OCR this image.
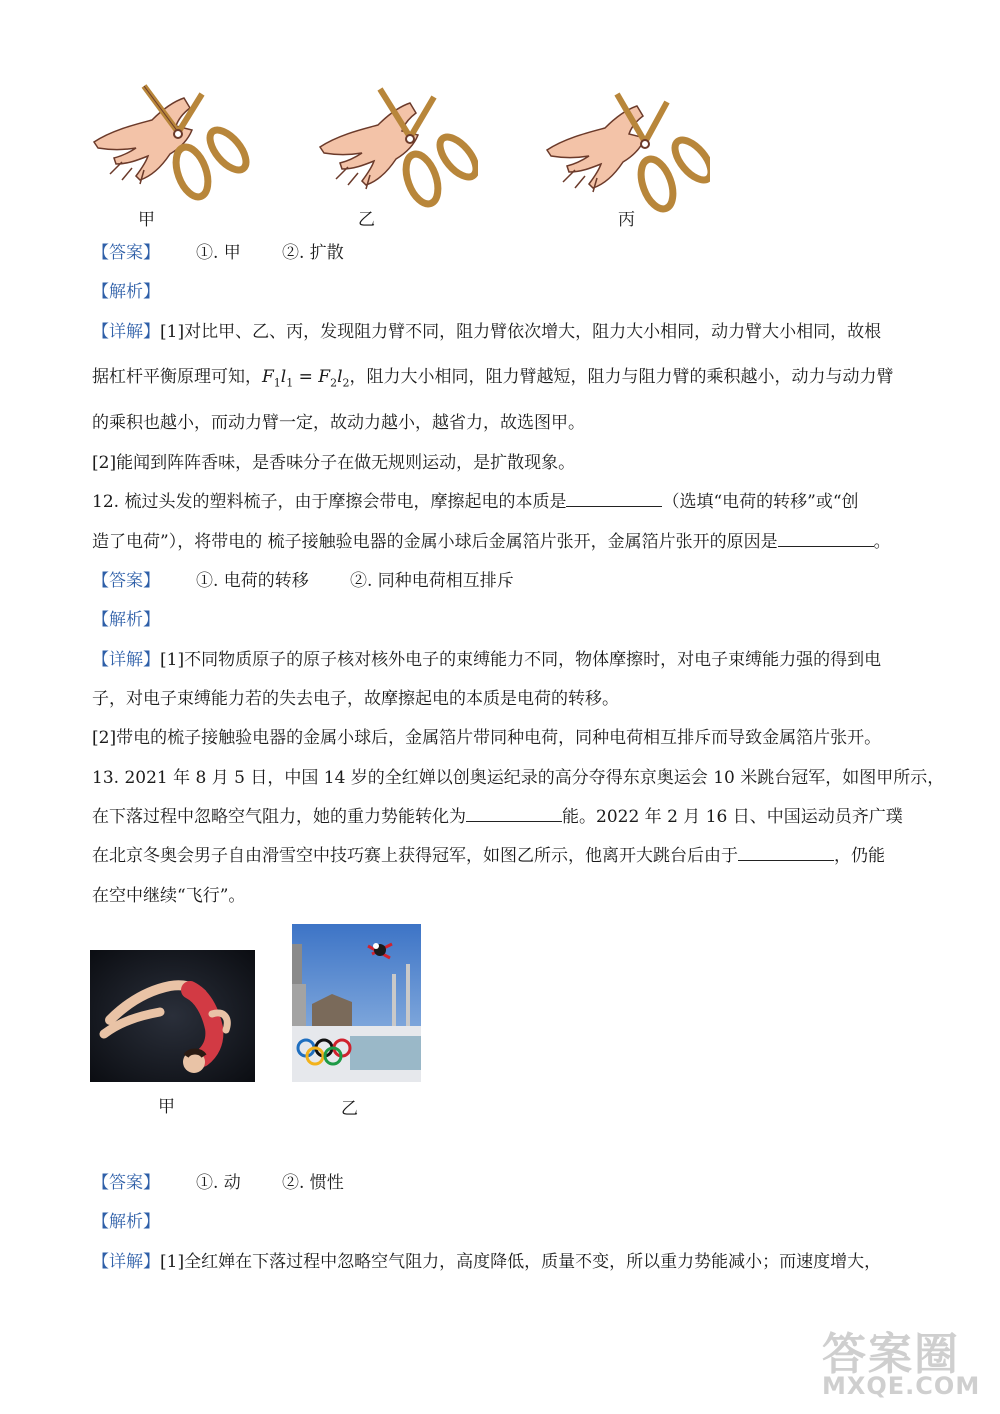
甲	乙	丙
【答案】 ①. 甲 ②. 扩散
【解析】
【详解】[1]对比甲、乙、丙，发现阻力臂不同，阻力臂依次增大，阻力大小相同，动力臂大小相同，故根
据杠杆平衡原理可知，$F_1l_1 = F_2l_2$，阻力大小相同，阻力臂越短，阻力与阻力臂的乘积越小，动力与动力臂
的乘积也越小，而动力臂一定，故动力越小，越省力，故选图甲。
[2]能闻到阵阵香味，是香味分子在做无规则运动，是扩散现象。
12. 梳过头发的塑料梳子，由于摩擦会带电，摩擦起电的本质是	（选填“电荷的转移”或“创
造了电荷”），将带电的 梳子接触验电器的金属小球后金属箔片张开，金属箔片张开的原因是	。
【答案】 ①. 电荷的转移 ②. 同种电荷相互排斥
【解析】
【详解】[1]不同物质原子的原子核对核外电子的束缚能力不同，物体摩擦时，对电子束缚能力强的得到电
子，对电子束缚能力若的失去电子，故摩擦起电的本质是电荷的转移。
[2]带电的梳子接触验电器的金属小球后，金属箔片带同种电荷，同种电荷相互排斥而导致金属箔片张开。
13. 2021 年 8 月 5 日，中国 14 岁的全红婵以创奥运纪录的高分夺得东京奥运会 10 米跳台冠军，如图甲所示，
在下落过程中忽略空气阻力，她的重力势能转化为	能。2022 年 2 月 16 日、中国运动员齐广璞
在北京冬奥会男子自由滑雪空中技巧赛上获得冠军，如图乙所示，他离开大跳台后由于	，仍能
在空中继续“飞行”。
甲	乙
【答案】 ①. 动 ②. 惯性
【解析】
【详解】[1]全红婵在下落过程中忽略空气阻力，高度降低，质量不变，所以重力势能减小；而速度增大，
答案圈
MXQE.COM
